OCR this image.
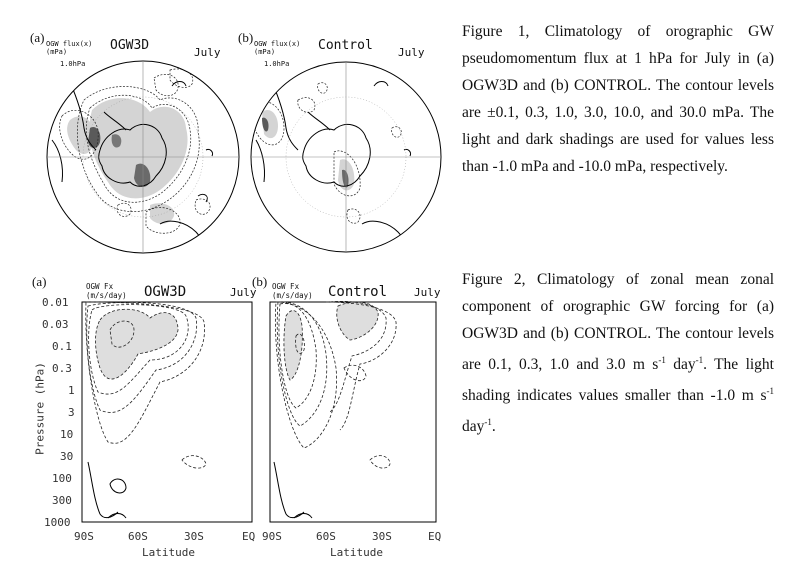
(a) OGW flux(x)
(mPa)
1.0hPa
OGW3D	July
(b) OGW flux(x)
(mPa)
1.0hPa
Control July

Figure 1, Climatology of orographic GW pseudomomentum flux at 1 hPa for July in (a) OGW3D and (b) CONTROL. The contour levels are ±0.1, 0.3, 1.0, 3.0, 10.0, and 30.0 mPa. The light and dark shadings are used for values less than -1.0 mPa and -10.0 mPa, respectively.

(a)	OGW Fx
(m/s/day) OGW3D	July
0.01
0.03
0.1
0.3
1
3
10
30
100
300
1000
Pressure (hPa)
90S	60S	30S	EQ
Latitude
(b) OGW Fx
(m/s/day) Control July
90S	60S	30S	EQ
Latitude

Figure 2, Climatology of zonal mean zonal component of orographic GW forcing for (a) OGW3D and (b) CONTROL. The contour levels are 0.1, 0.3, 1.0 and 3.0 m $s^{-1}$ day$^{-1}$. The light shading indicates values smaller than -1.0 m $s^{-1}$ day$^{-1}$.
